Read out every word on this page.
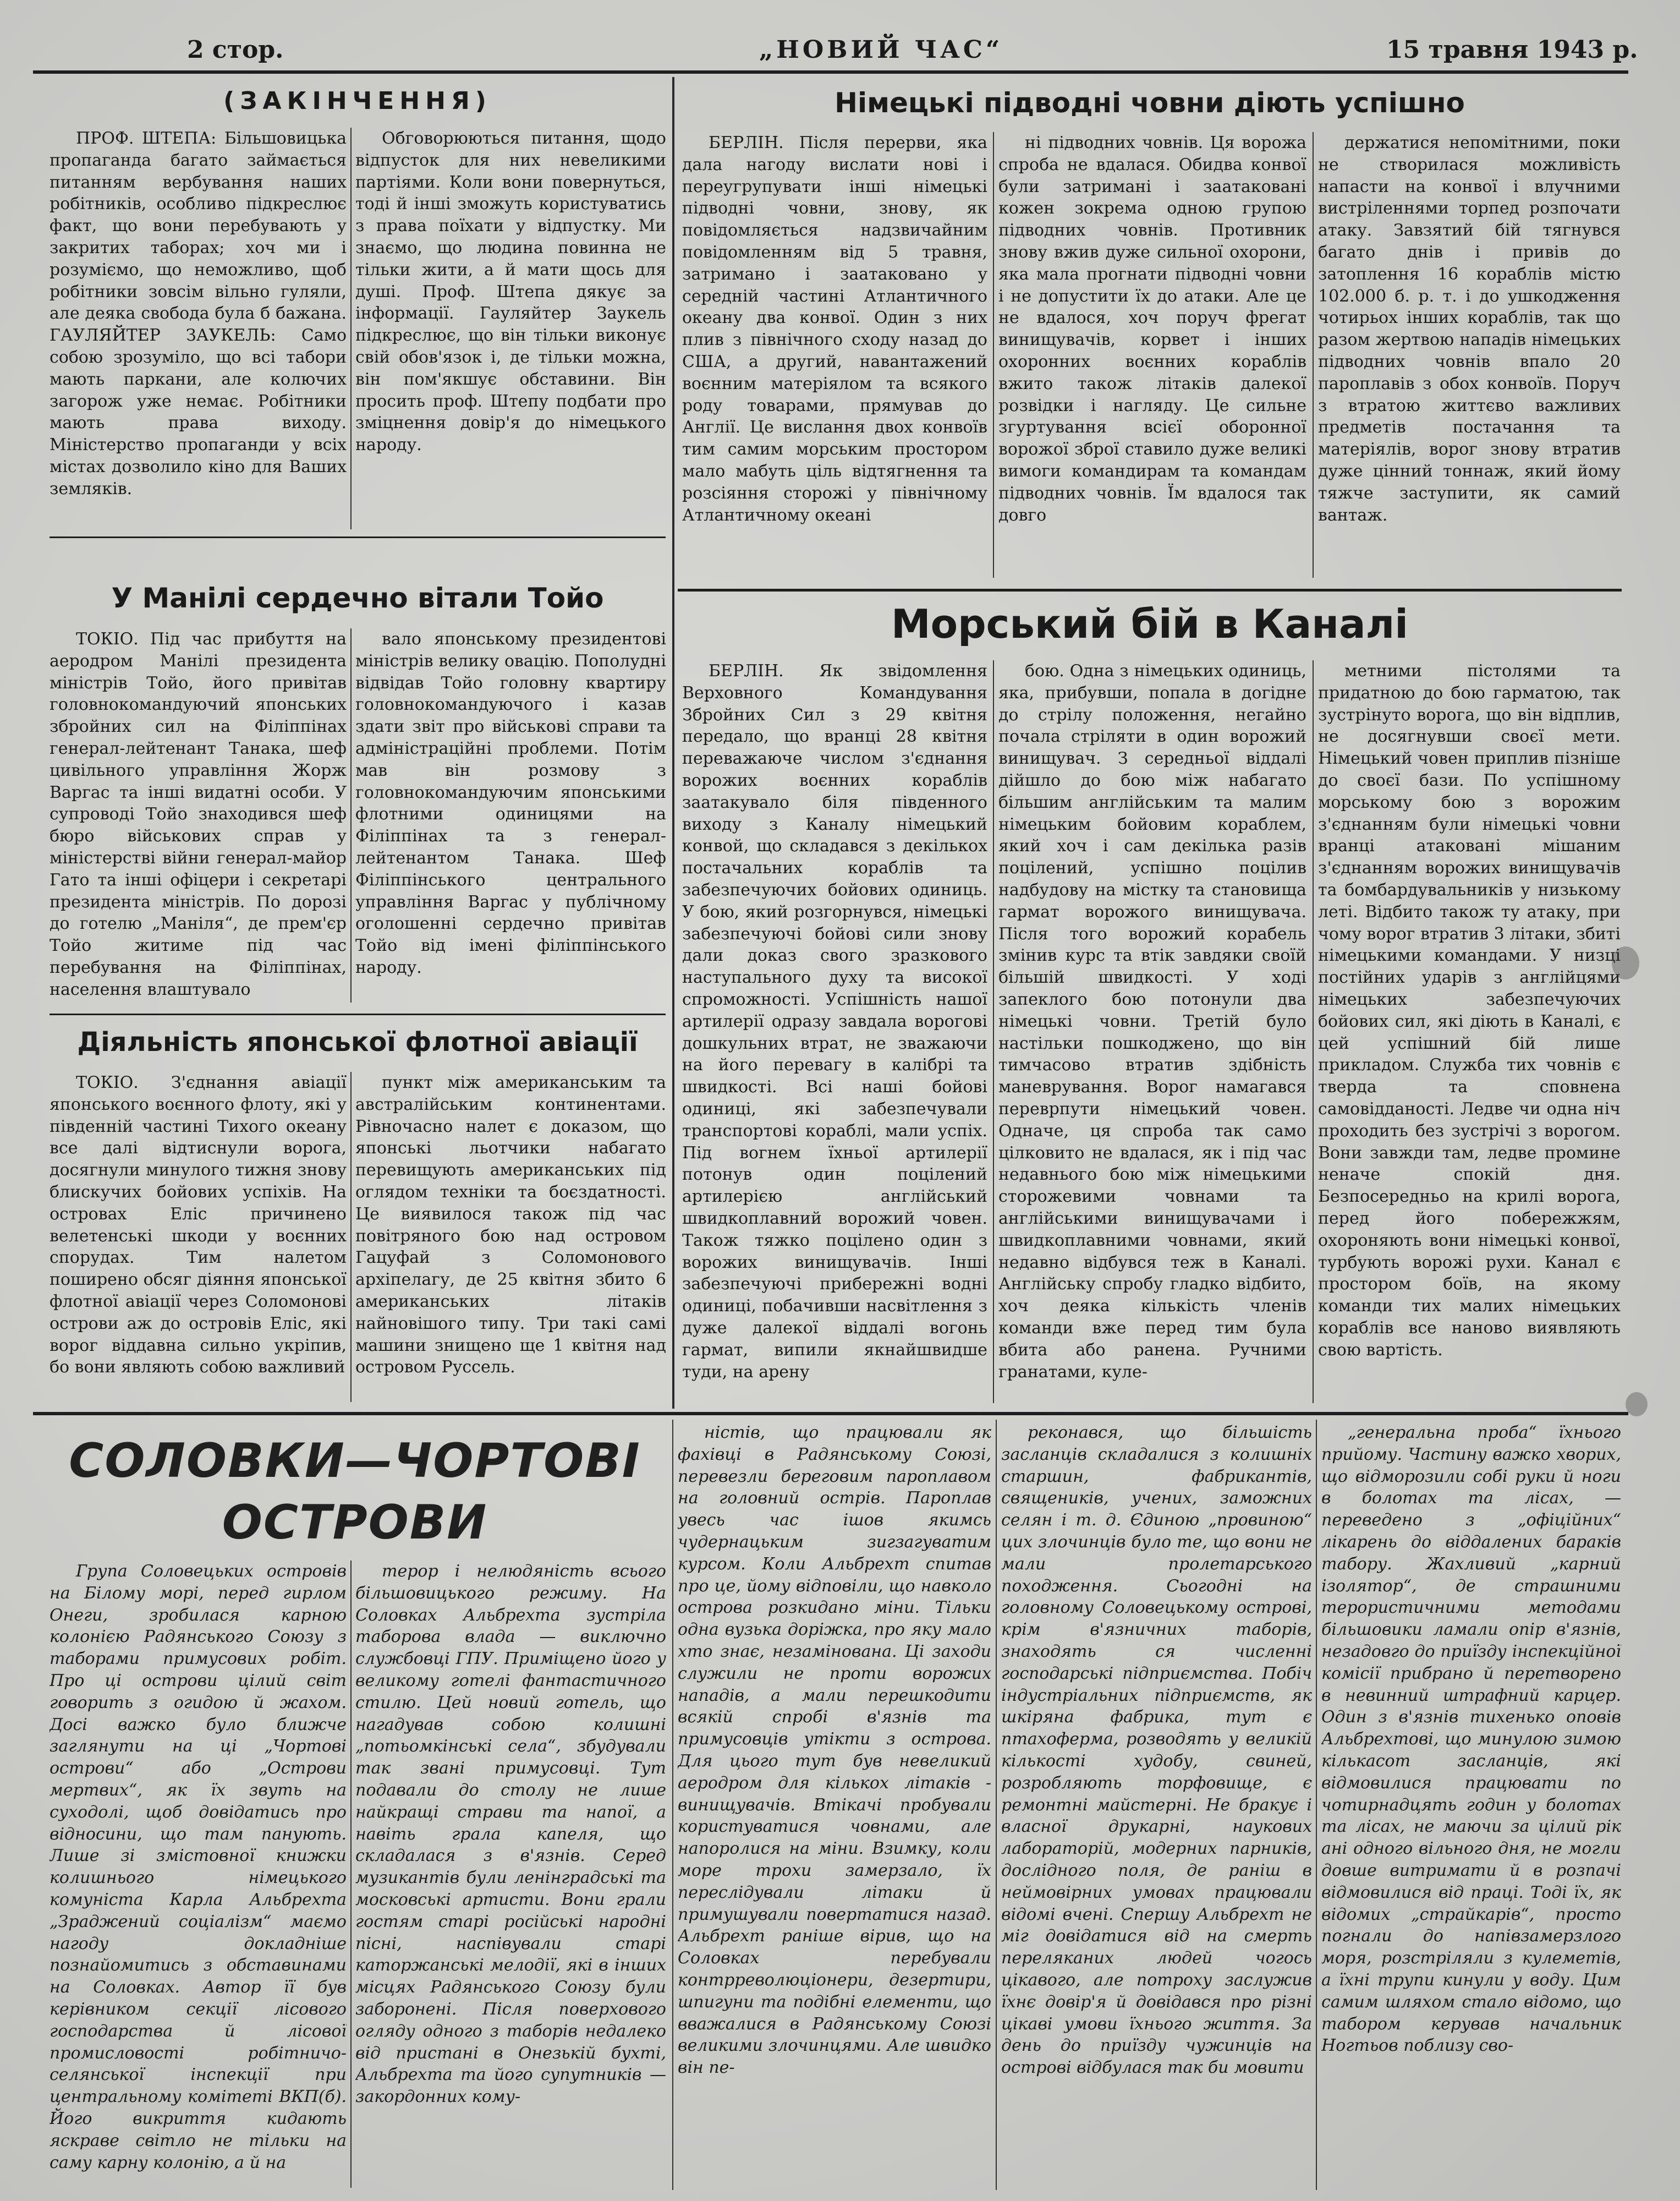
2 стор.	„НОВИЙ ЧАС“	15 травня 1943 р.
(ЗАКІНЧЕННЯ)

ПРОФ. ШТЕПА: Більшовицька пропаганда багато займається питанням вербування наших робітників, особливо підкреслює факт, що вони перебувають у закритих таборах; хоч ми і розуміємо, що неможливо, щоб робітники зовсім вільно гуляли, але деяка свобода була б бажана. ГАУЛЯЙТЕР ЗАУКЕЛЬ: Само собою зрозуміло, що всі табори мають паркани, але колючих загорож уже немає. Робітники мають права виходу. Міністерство пропаганди у всіх містах дозволило кіно для Ваших земляків.

Обговорюються питання, щодо відпусток для них невеликими партіями. Коли вони повернуться, тоді й інші зможуть користуватись з права поїхати у відпустку. Ми знаємо, що людина повинна не тільки жити, а й мати щось для душі. Проф. Штепа дякує за інформації. Гауляйтер Заукель підкреслює, що він тільки виконує свій обов'язок і, де тільки можна, він пом'якшує обставини. Він просить проф. Штепу подбати про зміцнення довір'я до німецького народу.

Німецькі підводні човни діють успішно

БЕРЛІН. Після перерви, яка дала нагоду вислати нові і переугрупувати інші німецькі підводні човни, знову, як повідомляється надзвичайним повідомленням від 5 травня, затримано і заатаковано у середній частині Атлантичного океану два конвої. Один з них плив з північного сходу назад до США, а другий, навантажений воєнним матеріялом та всякого роду товарами, прямував до Англії. Це вислання двох конвоїв тим самим морським простором мало мабуть ціль відтягнення та розсіяння сторожі у північному Атлантичному океані

ні підводних човнів. Ця ворожа спроба не вдалася. Обидва конвої були затримані і заатаковані кожен зокрема одною групою підводних човнів. Противник знову вжив дуже сильної охорони, яка мала прогнати підводні човни і не допустити їх до атаки. Але це не вдалося, хоч поруч фрегат винищувачів, корвет і інших охоронних воєнних кораблів вжито також літаків далекої розвідки і нагляду. Це сильне згуртування всієї оборонної ворожої зброї ставило дуже великі вимоги командирам та командам підводних човнів. Їм вдалося так довго

держатися непомітними, поки не створилася можливість напасти на конвої і влучними вистріленнями торпед розпочати атаку. Завзятий бій тягнувся багато днів і привів до затоплення 16 кораблів містю 102.000 б. р. т. і до ушкодження чотирьох інших кораблів, так що разом жертвою нападів німецьких підводних човнів впало 20 пароплавів з обох конвоїв. Поруч з втратою життєво важливих предметів постачання та матеріялів, ворог знову втратив дуже цінний тоннаж, який йому тяжче заступити, як самий вантаж.

У Манілі сердечно вітали Тойо

ТОКІО. Під час прибуття на аеродром Манілі президента міністрів Тойо, його привітав головнокомандуючий японських збройних сил на Філіппінах генерал-лейтенант Танака, шеф цивільного управління Жорж Варгас та інші видатні особи. У супроводі Тойо знаходився шеф бюро військових справ у міністерстві війни генерал-майор Гато та інші офіцери і секретарі президента міністрів. По дорозі до готелю „Маніля“, де прем'єр Тойо житиме під час перебування на Філіппінах, населення влаштувало

вало японському президентові міністрів велику овацію. Пополудні відвідав Тойо головну квартиру головнокомандуючого і казав здати звіт про військові справи та адміністраційні проблеми. Потім мав він розмову з головнокомандуючим японськими флотними одиницями на Філіппінах та з генерал-лейтенантом Танака. Шеф Філіппінського центрального управління Варгас у публічному оголошенні сердечно привітав Тойо від імені філіппінського народу.

Діяльність японської флотної авіації

ТОКІО. З'єднання авіації японського воєнного флоту, які у південній частині Тихого океану все далі відтиснули ворога, досягнули минулого тижня знову блискучих бойових успіхів. На островах Еліс причинено велетенські шкоди у воєнних спорудах. Тим налетом поширено обсяг діяння японської флотної авіації через Соломонові острови аж до островів Еліс, які ворог віддавна сильно укріпив, бо вони являють собою важливий

пункт між американським та австралійським континентами. Рівночасно налет є доказом, що японські льотчики набагато перевищують американських під оглядом техніки та боєздатності. Це виявилося також під час повітряного бою над островом Гацуфай з Соломонового архіпелагу, де 25 квітня збито 6 американських літаків найновішого типу. Три такі самі машини знищено ще 1 квітня над островом Руссель.

Морський бій в Каналі

БЕРЛІН. Як звідомлення Верховного Командування Збройних Сил з 29 квітня передало, що вранці 28 квітня переважаюче числом з'єднання ворожих воєнних кораблів заатакувало біля південного виходу з Каналу німецький конвой, що складався з декількох постачальних кораблів та забезпечуючих бойових одиниць. У бою, який розгорнувся, німецькі забезпечуючі бойові сили знову дали доказ свого зразкового наступального духу та високої спроможності. Успішність нашої артилерії одразу завдала ворогові дошкульних втрат, не зважаючи на його перевагу в калібрі та швидкості. Всі наші бойові одиниці, які забезпечували транспортові кораблі, мали успіх. Під вогнем їхньої артилерії потонув один поцілений артилерією англійський швидкоплавний ворожий човен. Також тяжко поцілено один з ворожих винищувачів. Інші забезпечуючі прибережні водні одиниці, побачивши насвітлення з дуже далекої віддалі вогонь гармат, випили якнайшвидше туди, на арену

бою. Одна з німецьких одиниць, яка, прибувши, попала в догідне до стрілу положення, негайно почала стріляти в один ворожий винищувач. З середньої віддалі дійшло до бою між набагато більшим англійським та малим німецьким бойовим кораблем, який хоч і сам декілька разів поцілений, успішно поцілив надбудову на містку та становища гармат ворожого винищувача. Після того ворожий корабель змінив курс та втік завдяки своїй більшій швидкості. У ході запеклого бою потонули два німецькі човни. Третій було настільки пошкоджено, що він тимчасово втратив здібність маневрування. Ворог намагався переврпути німецький човен. Одначе, ця спроба так само цілковито не вдалася, як і під час недавнього бою між німецькими сторожевими човнами та англійськими винищувачами і швидкоплавними човнами, який недавно відбувся теж в Каналі. Англійську спробу гладко відбито, хоч деяка кількість членів команди вже перед тим була вбита або ранена. Ручними гранатами, куле-

метними пістолями та придатною до бою гарматою, так зустрінуто ворога, що він відплив, не досягнувши своєї мети. Німецький човен приплив пізніше до своєї бази. По успішному морському бою з ворожим з'єднанням були німецькі човни вранці атаковані мішаним з'єднанням ворожих винищувачів та бомбардувальників у низькому леті. Відбито також ту атаку, при чому ворог втратив 3 літаки, збиті німецькими командами. У низці постійних ударів з англійцями німецьких забезпечуючих бойових сил, які діють в Каналі, є цей успішний бій лише прикладом. Служба тих човнів є тверда та сповнена самовідданості. Ледве чи одна ніч проходить без зустрічі з ворогом. Вони завжди там, ледве промине неначе спокій дня. Безпосередньо на крилі ворога, перед його побережжям, охороняють вони німецькі конвої, турбують ворожі рухи. Канал є простором боїв, на якому команди тих малих німецьких кораблів все наново виявляють свою вартість.

СОЛОВКИ—ЧОРТОВІ
ОСТРОВИ

Група Соловецьких островів на Білому морі, перед гирлом Онеги, зробилася карною колонією Радянського Союзу з таборами примусових робіт. Про ці острови цілий світ говорить з огидою й жахом. Досі важко було ближче заглянути на ці „Чортові острови“ або „Острови мертвих“, як їх звуть на суходолі, щоб довідатись про відносини, що там панують. Лише зі змістовної книжки колишнього німецького комуніста Карла Альбрехта „Зраджений соціалізм“ маємо нагоду докладніше познайомитись з обставинами на Соловках. Автор її був керівником секції лісового господарства й лісової промисловості робітничо-селянської інспекції при центральному комітеті ВКП(б). Його викриття кидають яскраве світло не тільки на саму карну колонію, а й на

терор і нелюдяність всього більшовицького режиму. На Соловках Альбрехта зустріла таборова влада — виключно службовці ГПУ. Приміщено його у великому готелі фантастичного стилю. Цей новий готель, що нагадував собою колишні „потьомкінські села“, збудували так звані примусовці. Тут подавали до столу не лише найкращі страви та напої, а навіть грала капеля, що складалася з в'язнів. Серед музикантів були ленінградські та московські артисти. Вони грали гостям старі російські народні пісні, наспівували старі каторжанські мелодії, які в інших місцях Радянського Союзу були заборонені. Після поверхового огляду одного з таборів недалеко від пристані в Онезькій бухті, Альбрехта та його супутників — закордонних кому-

ністів, що працювали як фахівці в Радянському Союзі, перевезли береговим пароплавом на головний острів. Пароплав увесь час ішов якимсь чудернацьким зигзагуватим курсом. Коли Альбрехт спитав про це, йому відповіли, що навколо острова розкидано міни. Тільки одна вузька доріжка, про яку мало хто знає, незамінована. Ці заходи служили не проти ворожих нападів, а мали перешкодити всякій спробі в'язнів та примусовців утікти з острова. Для цього тут був невеликий аеродром для кількох літаків - винищувачів. Втікачі пробували користуватися човнами, але напоролися на міни. Взимку, коли море трохи замерзало, їх переслідували літаки й примушували повертатися назад. Альбрехт раніше вірив, що на Соловках перебували контрреволюціонери, дезертири, шпигуни та подібні елементи, що вважалися в Радянському Союзі великими злочинцями. Але швидко він пе-

реконався, що більшість засланців складалися з колишніх старшин, фабрикантів, священиків, учених, заможних селян і т. д. Єдиною „провиною“ цих злочинців було те, що вони не мали пролетарського походження. Сьогодні на головному Соловецькому острові, крім в'язничних таборів, знаходять ся численні господарські підприємства. Побіч індустріальних підприємств, як шкіряна фабрика, тут є птахоферма, розводять у великій кількості худобу, свиней, розробляють торфовище, є ремонтні майстерні. Не бракує і власної друкарні, наукових лабораторій, модерних парників, дослідного поля, де раніш в неймовірних умовах працювали відомі вчені. Спершу Альбрехт не міг довідатися від на смерть переляканих людей чогось цікавого, але потроху заслужив їхнє довір'я й довідався про різні цікаві умови їхнього життя. За день до приїзду чужинців на острові відбулася так би мовити

„генеральна проба“ їхнього прийому. Частину важко хворих, що відморозили собі руки й ноги в болотах та лісах, — переведено з „офіційних“ лікарень до віддалених бараків табору. Жахливий „карний ізолятор“, де страшними терористичними методами більшовики ламали опір в'язнів, незадовго до приїзду інспекційної комісії прибрано й перетворено в невинний штрафний карцер. Один з в'язнів тихенько оповів Альбрехтові, що минулою зимою кількасот засланців, які відмовилися працювати по чотирнадцять годин у болотах та лісах, не маючи за цілий рік ані одного вільного дня, не могли довше витримати й в розпачі відмовилися від праці. Тоді їх, як відомих „страйкарів“, просто погнали до напівзамерзлого моря, розстріляли з кулеметів, а їхні трупи кинули у воду. Цим самим шляхом стало відомо, що табором керував начальник Ногтьов поблизу сво-
